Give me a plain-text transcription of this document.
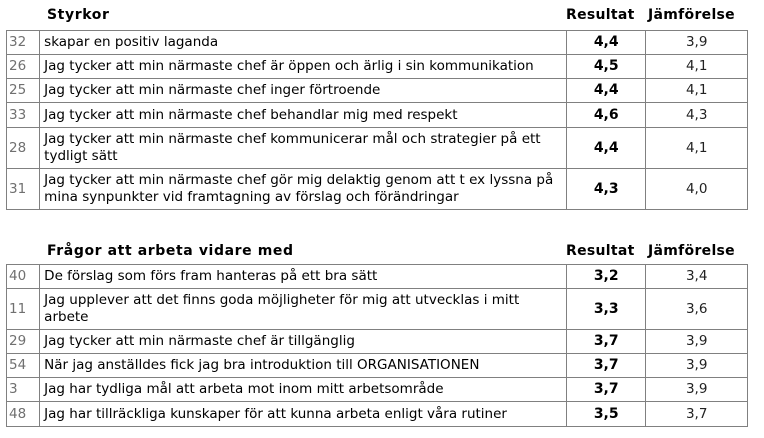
Styrkor	Resultat Jämförelse
32	skapar en positiv laganda	4,4	3,9
26	Jag tycker att min närmaste chef är öppen och ärlig i sin kommunikation	4,5	4,1
25	Jag tycker att min närmaste chef inger förtroende	4,4	4,1
33	Jag tycker att min närmaste chef behandlar mig med respekt	4,6	4,3
28	Jag tycker att min närmaste chef kommunicerar mål och strategier på ett tydligt sätt	4,4	4,1
31	Jag tycker att min närmaste chef gör mig delaktig genom att t ex lyssna på mina synpunkter vid framtagning av förslag och förändringar	4,3	4,0
Frågor att arbeta vidare med	Resultat Jämförelse
40	De förslag som förs fram hanteras på ett bra sätt	3,2	3,4
11	Jag upplever att det finns goda möjligheter för mig att utvecklas i mitt arbete	3,3	3,6
29	Jag tycker att min närmaste chef är tillgänglig	3,7	3,9
54	När jag anställdes fick jag bra introduktion till ORGANISATIONEN	3,7	3,9
3	Jag har tydliga mål att arbeta mot inom mitt arbetsområde	3,7	3,9
48	Jag har tillräckliga kunskaper för att kunna arbeta enligt våra rutiner	3,5	3,7
